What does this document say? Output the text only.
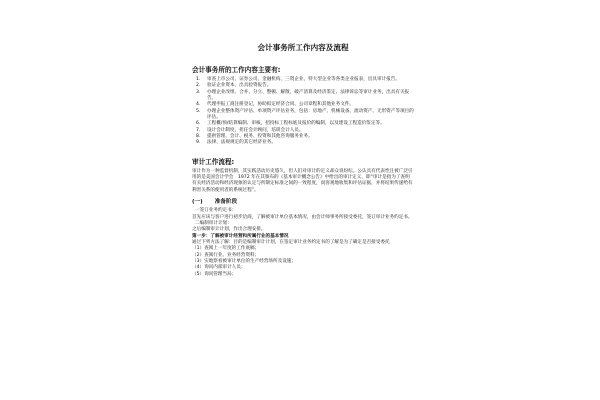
会计事务所工作内容及流程
会计事务所的工作内容主要有:
1.	审查上市公司、证券公司、金融机构、三资企业、特大型企业等各类企业报表，出具审计报告。
2.	验证企业资本，出具验资报告。
3.	办理企业改组、合并、分立、整顿、解散、破产清算及经济鉴定、法律诉讼等审计业务，出具有关报告。
4.	代理申报工商注册登记，协助拟定经济合同、公司章程和其他业务文件。
5.	办理企业整体资产评估、单项资产评估业务，包括：房地产、机械设备、流动资产、无形资产等项目的评估。
6.	工程概/预/结算编制、审核，招投标工程标底及报价的编制，以及建设工程造价鉴定等。
7.	设计会计制度，担任会计顾问，培训会计人员。
8.	提供管理、会计、税务、投资和其他咨询服务业务。
9.	法律、法规规定的其它经济业务。
审计工作流程:
审计作为一种监督机制，其实践活动历史悠久，但人们对审计的定义却众说纷纭。公认具有代表性且被广泛引用的是美国会计学会　1972 年在其颁布的《基本审计概念公告》中给出的审计定义，即“审计是指为了查明有关经济活动和经济现象的认定与所制定标准之间的一致程度，而客观地收集和评估证据，并将结果传递给有利害关系的使用者的系统过程”。
(一) 准备阶段
一签订业务约定书：
首先应该与客户进行初步洽商，了解被审计单位基本情况，由会计师事务所接受委托，签订审计业务约定书。
二编制审计计划：
之后编制审计计划，作出合理安排。
第一步：了解被审计经营和所属行业的基本情况
通过下列方法了解：目的是编制审计计划，在签定审计业务约定书的了解是为了确定是否接受委托
（1）查阅上一年度的工作底稿；
（2）查阅行业、业务经营资料；
（3）实地察看被审计单位的生产经营场所及设施；
（4）询问内部审计人员；
（5）询问管理当局；
